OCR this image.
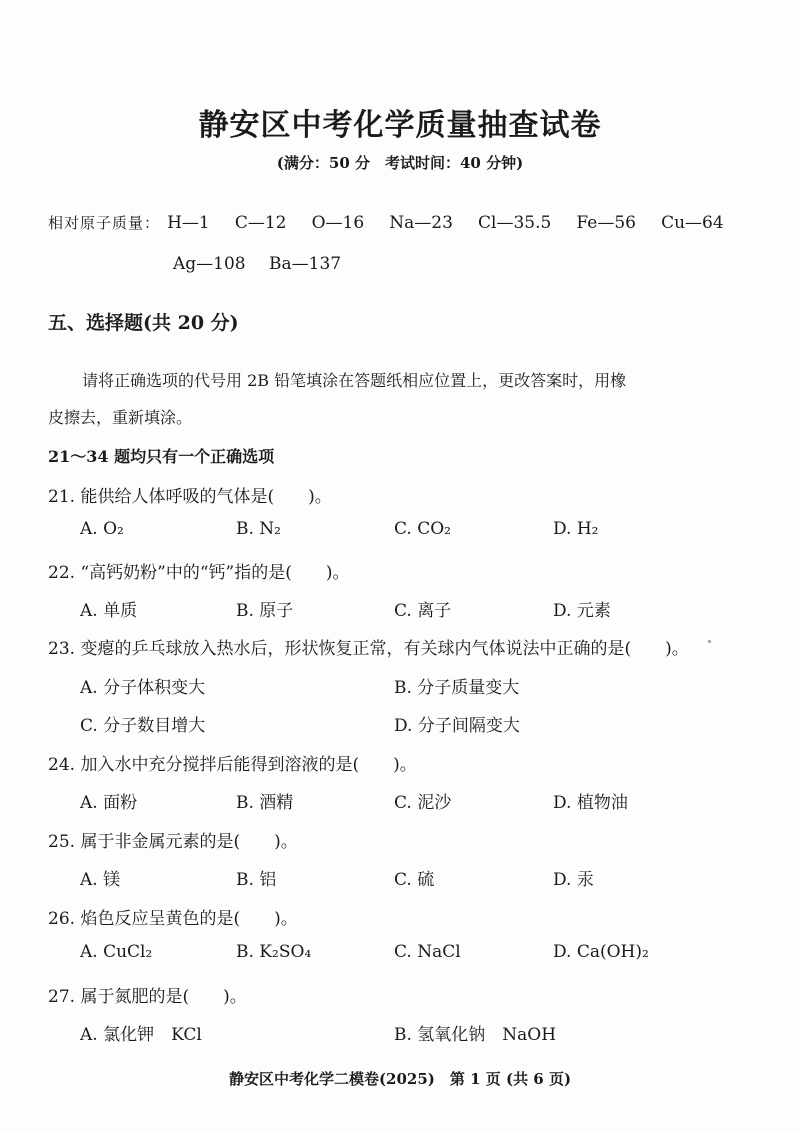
静安区中考化学质量抽查试卷
(满分：50 分　考试时间：40 分钟)
相对原子质量： H—1 C—12 O—16 Na—23 Cl—35.5 Fe—56 Cu—64
Ag—108 Ba—137
五、选择题(共 20 分)
请将正确选项的代号用 2B 铅笔填涂在答题纸相应位置上，更改答案时，用橡
皮擦去，重新填涂。
21～34 题均只有一个正确选项
21. 能供给人体呼吸的气体是(　　)。
A. O₂	B. N₂	C. CO₂	D. H₂
22. “高钙奶粉”中的“钙”指的是(　　)。
A. 单质	B. 原子	C. 离子	D. 元素
23. 变瘪的乒乓球放入热水后，形状恢复正常，有关球内气体说法中正确的是(　　)。
A. 分子体积变大	B. 分子质量变大
C. 分子数目增大	D. 分子间隔变大
24. 加入水中充分搅拌后能得到溶液的是(　　)。
A. 面粉	B. 酒精	C. 泥沙	D. 植物油
25. 属于非金属元素的是(　　)。
A. 镁	B. 铝	C. 硫	D. 汞
26. 焰色反应呈黄色的是(　　)。
A. CuCl₂	B. K₂SO₄	C. NaCl	D. Ca(OH)₂
27. 属于氮肥的是(　　)。
A. 氯化钾　KCl	B. 氢氧化钠　NaOH
静安区中考化学二模卷(2025)　第 1 页 (共 6 页)
